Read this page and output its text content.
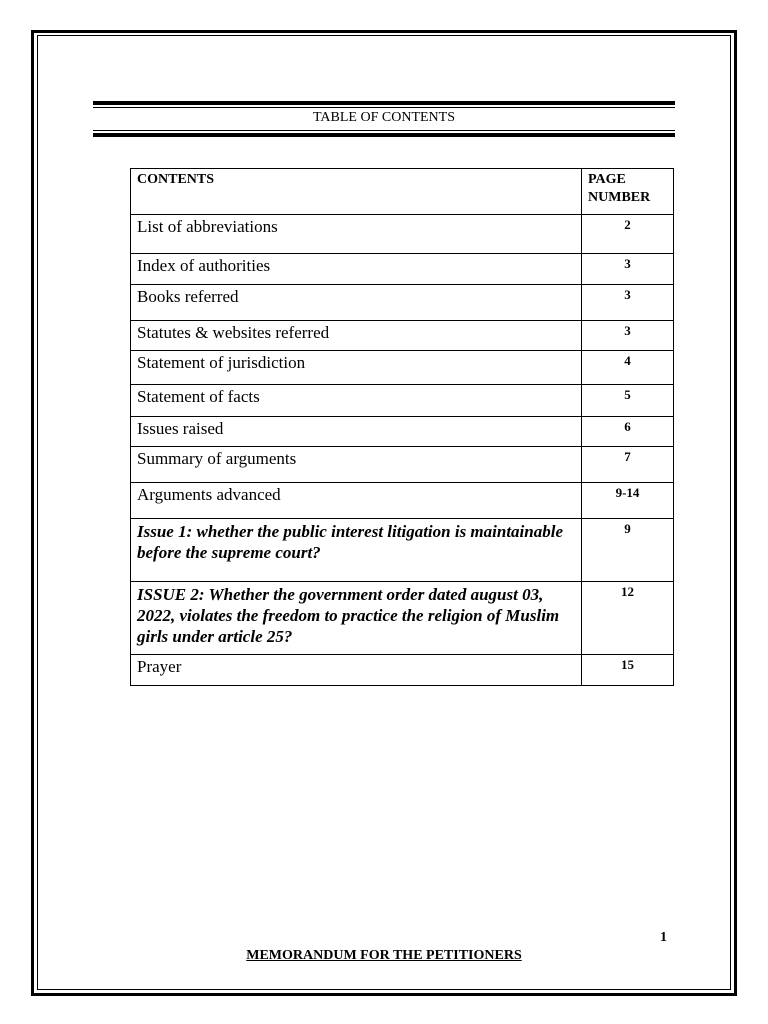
TABLE OF CONTENTS
CONTENTS	PAGE NUMBER

List of abbreviations	2

Index of authorities	3

Books referred	3

Statutes & websites referred	3

Statement of jurisdiction	4

Statement of facts	5

Issues raised	6

Summary of arguments	7

Arguments advanced	9-14

Issue 1: whether the public interest litigation is maintainable before the supreme court?	9

ISSUE 2: Whether the government order dated august 03, 2022, violates the freedom to practice the religion of Muslim girls under article 25?	12

Prayer	15
1
MEMORANDUM FOR THE PETITIONERS
